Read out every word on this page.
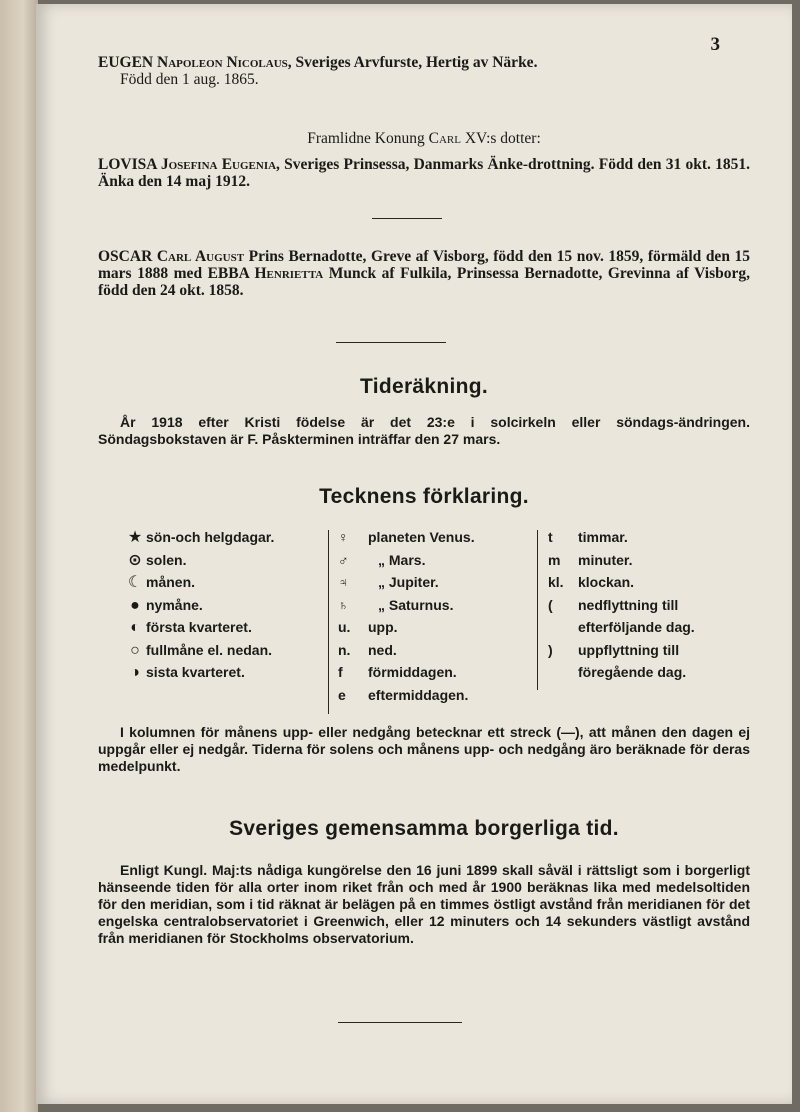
3
EUGEN Napoleon Nicolaus, Sveriges Arvfurste, Hertig av Närke.
Född den 1 aug. 1865.
Framlidne Konung Carl XV:s dotter:
LOVISA Josefina Eugenia, Sveriges Prinsessa, Danmarks Änke-drottning. Född den 31 okt. 1851. Änka den 14 maj 1912.
OSCAR Carl August Prins Bernadotte, Greve af Visborg, född den 15 nov. 1859, förmäld den 15 mars 1888 med EBBA Henrietta Munck af Fulkila, Prinsessa Bernadotte, Grevinna af Visborg, född den 24 okt. 1858.
Tideräkning.
År 1918 efter Kristi födelse är det 23:e i solcirkeln eller söndags-ändringen. Söndagsbokstaven är F. Påskterminen inträffar den 27 mars.
Tecknens förklaring.
★ sön-och helgdagar.
⊙ solen.
☾ månen.
● nymåne.
◐ första kvarteret.
○ fullmåne el. nedan.
◑ sista kvarteret.
♀ planeten Venus.
♂ „ Mars.
♃ „ Jupiter.
♄ „ Saturnus.
u. upp.
n. ned.
f förmiddagen.
e eftermiddagen.
t timmar.
m minuter.
kl. klockan.
( nedflyttning till
efterföljande dag.
) uppflyttning till
föregående dag.
I kolumnen för månens upp- eller nedgång betecknar ett streck (—), att månen den dagen ej uppgår eller ej nedgår. Tiderna för solens och månens upp- och nedgång äro beräknade för deras medelpunkt.
Sveriges gemensamma borgerliga tid.
Enligt Kungl. Maj:ts nådiga kungörelse den 16 juni 1899 skall såväl i rättsligt som i borgerligt hänseende tiden för alla orter inom riket från och med år 1900 beräknas lika med medelsoltiden för den meridian, som i tid räknat är belägen på en timmes östligt avstånd från meridianen för det engelska centralobservatoriet i Greenwich, eller 12 minuters och 14 sekunders västligt avstånd från meridianen för Stockholms observatorium.
